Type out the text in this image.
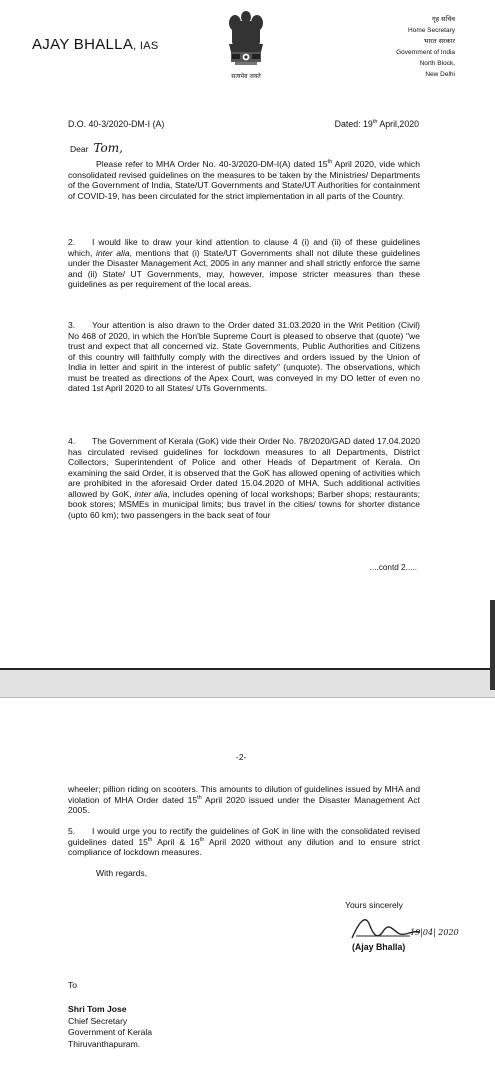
AJAY BHALLA, IAS
सत्यमेव जयते
गृह सचिव
Home Secretary
भारत सरकार
Government of India
North Block,
New Delhi
D.O. 40-3/2020-DM-I (A)	Dated: 19th April,2020
Dear Tom,

Please refer to MHA Order No. 40-3/2020-DM-I(A) dated 15th April 2020, vide which consolidated revised guidelines on the measures to be taken by the Ministries/ Departments of the Government of India, State/UT Governments and State/UT Authorities for containment of COVID-19, has been circulated for the strict implementation in all parts of the Country.

2. I would like to draw your kind attention to clause 4 (i) and (ii) of these guidelines which, inter alia, mentions that (i) State/UT Governments shall not dilute these guidelines under the Disaster Management Act, 2005 in any manner and shall strictly enforce the same and (ii) State/ UT Governments, may, however, impose stricter measures than these guidelines as per requirement of the local areas.

3. Your attention is also drawn to the Order dated 31.03.2020 in the Writ Petition (Civil) No 468 of 2020, in which the Hon'ble Supreme Court is pleased to observe that (quote) "we trust and expect that all concerned viz. State Governments, Public Authorities and Citizens of this country will faithfully comply with the directives and orders issued by the Union of India in letter and spirit in the interest of public safety" (unquote). The observations, which must be treated as directions of the Apex Court, was conveyed in my DO letter of even no dated 1st April 2020 to all States/ UTs Governments.

4. The Government of Kerala (GoK) vide their Order No. 78/2020/GAD dated 17.04.2020 has circulated revised guidelines for lockdown measures to all Departments, District Collectors, Superintendent of Police and other Heads of Department of Kerala. On examining the said Order, it is observed that the GoK has allowed opening of activities which are prohibited in the aforesaid Order dated 15.04.2020 of MHA. Such additional activities allowed by GoK, inter alia, includes opening of local workshops; Barber shops; restaurants; book stores; MSMEs in municipal limits; bus travel in the cities/ towns for shorter distance (upto 60 km); two passengers in the back seat of four

....contd 2.....
-2-

wheeler; pillion riding on scooters. This amounts to dilution of guidelines issued by MHA and violation of MHA Order dated 15th April 2020 issued under the Disaster Management Act 2005.

5. I would urge you to rectify the guidelines of GoK in line with the consolidated revised guidelines dated 15th April & 16th April 2020 without any dilution and to ensure strict compliance of lockdown measures.

With regards,
Yours sincerely
19|04| 2020
(Ajay Bhalla)
To
Shri Tom Jose
Chief Secretary
Government of Kerala
Thiruvanthapuram.
